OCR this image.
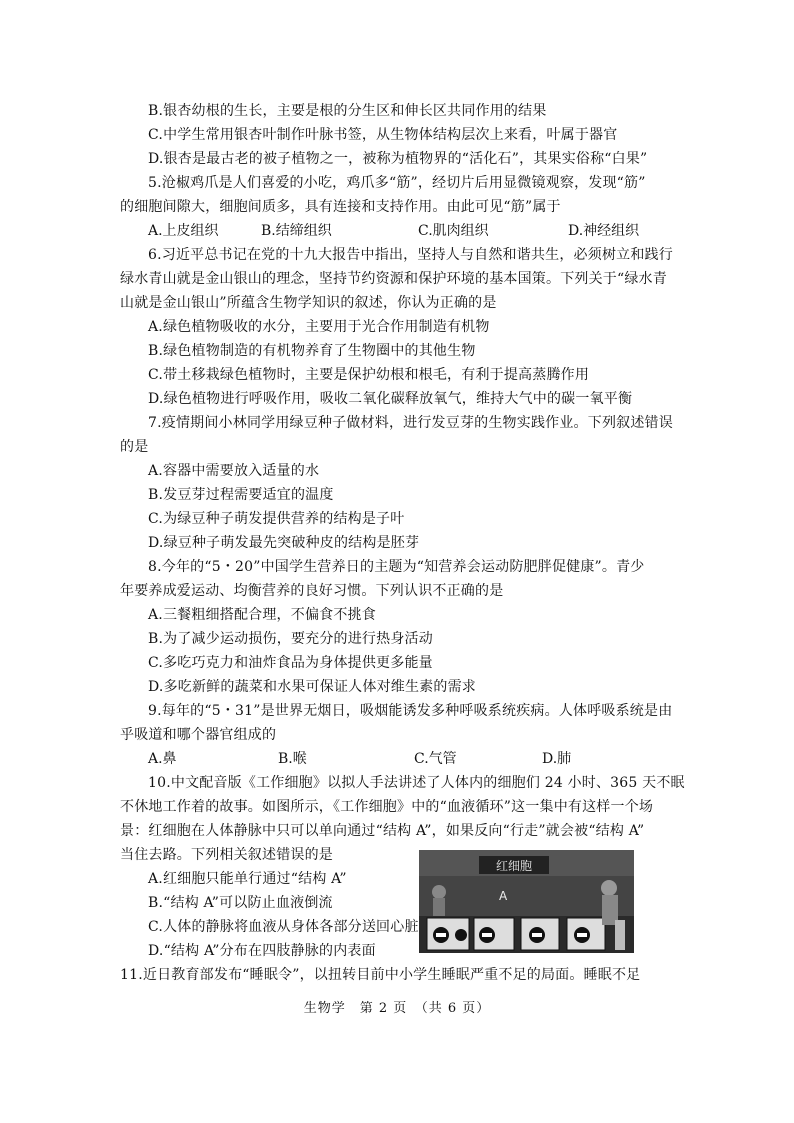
B.银杏幼根的生长，主要是根的分生区和伸长区共同作用的结果
C.中学生常用银杏叶制作叶脉书签，从生物体结构层次上来看，叶属于器官
D.银杏是最古老的被子植物之一，被称为植物界的“活化石”，其果实俗称“白果”
5.沧椒鸡爪是人们喜爱的小吃，鸡爪多“筋”，经切片后用显微镜观察，发现“筋”
的细胞间隙大，细胞间质多，具有连接和支持作用。由此可见“筋”属于
A.上皮组织	B.结缔组织	C.肌肉组织	D.神经组织
6.习近平总书记在党的十九大报告中指出，坚持人与自然和谐共生，必须树立和践行
绿水青山就是金山银山的理念，坚持节约资源和保护环境的基本国策。下列关于“绿水青
山就是金山银山”所蕴含生物学知识的叙述，你认为正确的是
A.绿色植物吸收的水分，主要用于光合作用制造有机物
B.绿色植物制造的有机物养育了生物圈中的其他生物
C.带土移栽绿色植物时，主要是保护幼根和根毛，有利于提高蒸腾作用
D.绿色植物进行呼吸作用，吸收二氧化碳释放氧气，维持大气中的碳一氧平衡
7.疫情期间小林同学用绿豆种子做材料，进行发豆芽的生物实践作业。下列叙述错误
的是
A.容器中需要放入适量的水
B.发豆芽过程需要适宜的温度
C.为绿豆种子萌发提供营养的结构是子叶
D.绿豆种子萌发最先突破种皮的结构是胚芽
8.今年的“5・20”中国学生营养日的主题为“知营养会运动防肥胖促健康”。青少
年要养成爱运动、均衡营养的良好习惯。下列认识不正确的是
A.三餐粗细搭配合理，不偏食不挑食
B.为了减少运动损伤，要充分的进行热身活动
C.多吃巧克力和油炸食品为身体提供更多能量
D.多吃新鲜的蔬菜和水果可保证人体对维生素的需求
9.每年的“5・31”是世界无烟日，吸烟能诱发多种呼吸系统疾病。人体呼吸系统是由
乎吸道和哪个器官组成的
A.鼻	B.喉	C.气管	D.肺
10.中文配音版《工作细胞》以拟人手法讲述了人体内的细胞们 24 小时、365 天不眠
不休地工作着的故事。如图所示，《工作细胞》中的“血液循环”这一集中有这样一个场
景：红细胞在人体静脉中只可以单向通过“结构 A”，如果反向“行走”就会被“结构 A”
当住去路。下列相关叙述错误的是
A.红细胞只能单行通过“结构 A”
B.“结构 A”可以防止血液倒流
C.人体的静脉将血液从身体各部分送回心脏
D.“结构 A”分布在四肢静脉的内表面
11.近日教育部发布“睡眠令”，以扭转目前中小学生睡眠严重不足的局面。睡眠不足
红细胞
A
生物学　第 2 页　（共 6 页）
